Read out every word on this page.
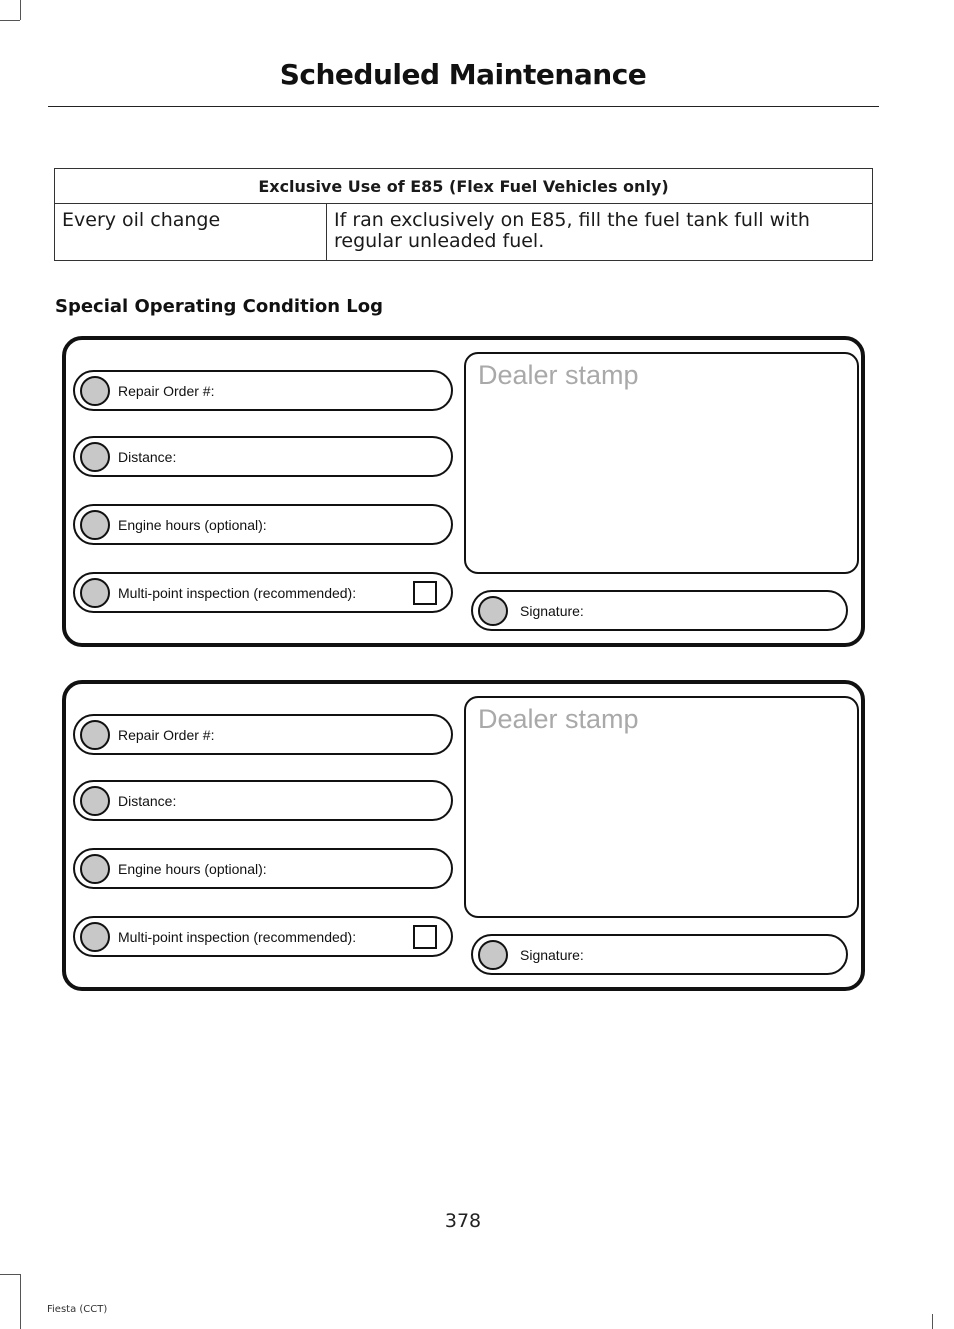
Scheduled Maintenance
Exclusive Use of E85 (Flex Fuel Vehicles only)
Every oil change	If ran exclusively on E85, fill the fuel tank full with regular unleaded fuel.
Special Operating Condition Log
Repair Order #:
Distance:
Engine hours (optional):
Multi-point inspection (recommended):
Dealer stamp
Signature:
Repair Order #:
Distance:
Engine hours (optional):
Multi-point inspection (recommended):
Dealer stamp
Signature:
378
Fiesta (CCT)
